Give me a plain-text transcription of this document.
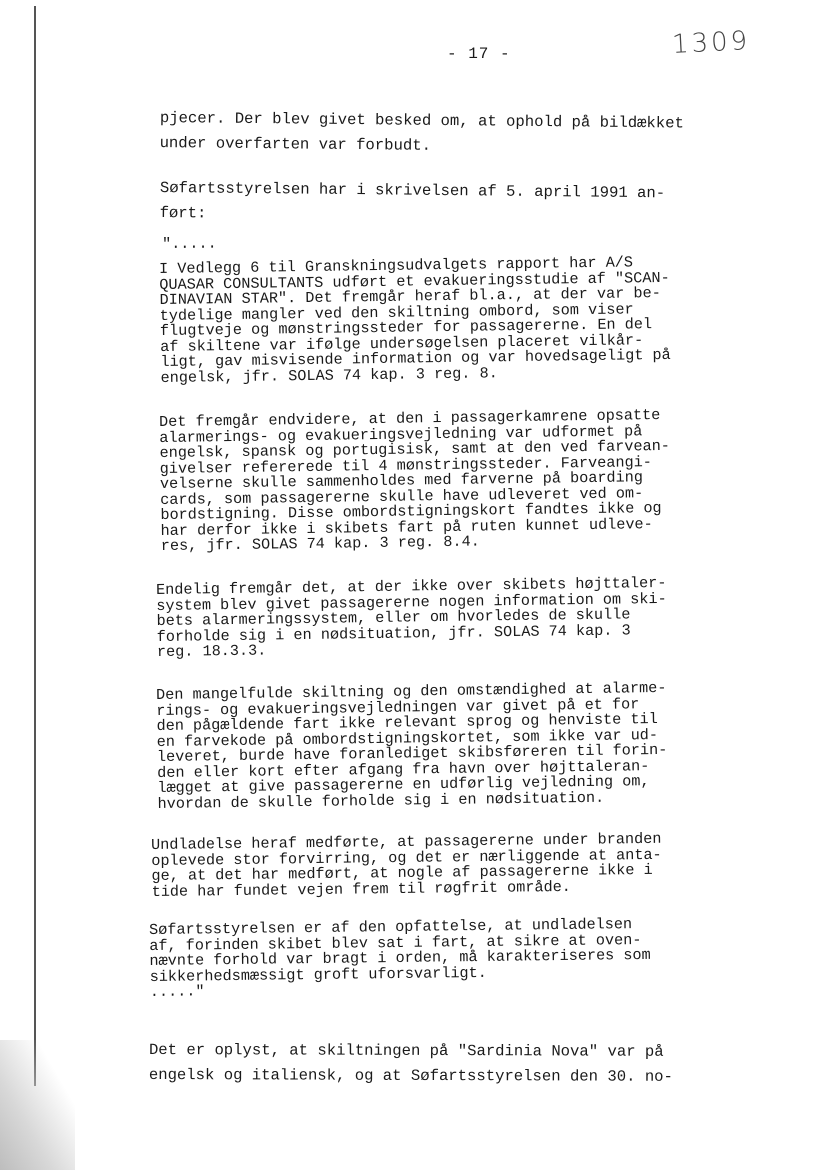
- 17 -	1309

pjecer. Der blev givet besked om, at ophold på bildækket
under overfarten var forbudt.

Søfartsstyrelsen har i skrivelsen af 5. april 1991 an-
ført:

".....

I Vedlegg 6 til Granskningsudvalgets rapport har A/S
QUASAR CONSULTANTS udført et evakueringsstudie af "SCAN-
DINAVIAN STAR". Det fremgår heraf bl.a., at der var be-
tydelige mangler ved den skiltning ombord, som viser
flugtveje og mønstringssteder for passagererne. En del
af skiltene var ifølge undersøgelsen placeret vilkår-
ligt, gav misvisende information og var hovedsageligt på
engelsk, jfr. SOLAS 74 kap. 3 reg. 8.

Det fremgår endvidere, at den i passagerkamrene opsatte
alarmerings- og evakueringsvejledning var udformet på
engelsk, spansk og portugisisk, samt at den ved farvean-
givelser refererede til 4 mønstringssteder. Farveangi-
velserne skulle sammenholdes med farverne på boarding
cards, som passagererne skulle have udleveret ved om-
bordstigning. Disse ombordstigningskort fandtes ikke og
har derfor ikke i skibets fart på ruten kunnet udleve-
res, jfr. SOLAS 74 kap. 3 reg. 8.4.

Endelig fremgår det, at der ikke over skibets højttaler-
system blev givet passagererne nogen information om ski-
bets alarmeringssystem, eller om hvorledes de skulle
forholde sig i en nødsituation, jfr. SOLAS 74 kap. 3
reg. 18.3.3.

Den mangelfulde skiltning og den omstændighed at alarme-
rings- og evakueringsvejledningen var givet på et for
den pågældende fart ikke relevant sprog og henviste til
en farvekode på ombordstigningskortet, som ikke var ud-
leveret, burde have foranlediget skibsføreren til forin-
den eller kort efter afgang fra havn over højttaleran-
lægget at give passagererne en udførlig vejledning om,
hvordan de skulle forholde sig i en nødsituation.

Undladelse heraf medførte, at passagererne under branden
oplevede stor forvirring, og det er nærliggende at anta-
ge, at det har medført, at nogle af passagererne ikke i
tide har fundet vejen frem til røgfrit område.

Søfartsstyrelsen er af den opfattelse, at undladelsen
af, forinden skibet blev sat i fart, at sikre at oven-
nævnte forhold var bragt i orden, må karakteriseres som
sikkerhedsmæssigt groft uforsvarligt.
....."

Det er oplyst, at skiltningen på "Sardinia Nova" var på
engelsk og italiensk, og at Søfartsstyrelsen den 30. no-
